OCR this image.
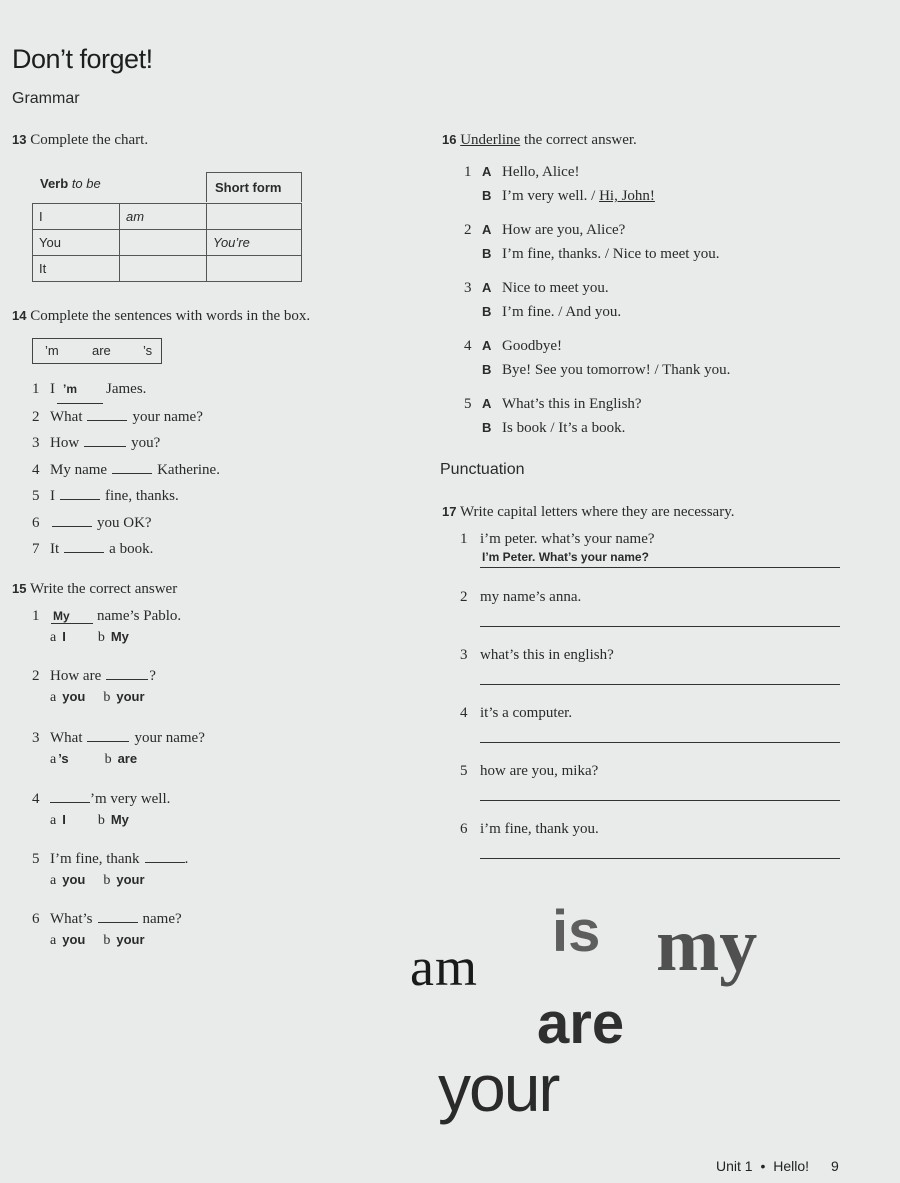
Don’t forget!
Grammar
13 Complete the chart.
Verb to be	Short form
I	am	
You		You’re
It		
14 Complete the sentences with words in the box.
’m	are ’s
1 I ’m James.
2 What	your name?
3 How	you?
4 My name	Katherine.
5 I	fine, thanks.
6	you OK?
7 It	a book.
15 Write the correct answer
1 My name’s Pablo.
a I b My
2 How are	?
a you b your
3 What	your name?
a ’s	b are
4	’m very well.
a I b My
5 I’m fine, thank	.
a you b your
6 What’s	name?
a you b your
16 Underline the correct answer.
1 A Hello, Alice!
B I’m very well. / Hi, John!
2 A How are you, Alice?
B I’m fine, thanks. / Nice to meet you.
3 A Nice to meet you.
B I’m fine. / And you.
4 A Goodbye!
B Bye! See you tomorrow! / Thank you.
5 A What’s this in English?
B Is book / It’s a book.
Punctuation
17 Write capital letters where they are necessary.
1 i’m peter. what’s your name?
I’m Peter. What’s your name?
2 my name’s anna.
3 what’s this in english?
4 it’s a computer.
5 how are you, mika?
6 i’m fine, thank you.
am
is my
are
your
Unit 1 • Hello! 9
